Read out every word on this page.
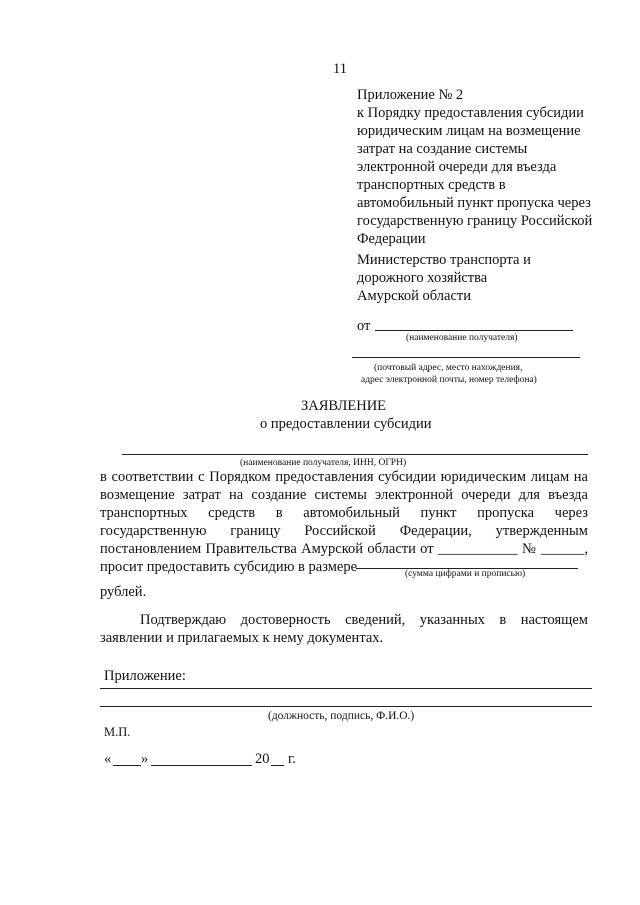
11
Приложение № 2
к Порядку предоставления субсидии
юридическим лицам на возмещение
затрат на создание системы
электронной очереди для въезда
транспортных средств в
автомобильный пункт пропуска через
государственную границу Российской
Федерации
Министерство транспорта и
дорожного хозяйства
Амурской области
от
(наименование получателя)
(почтовый адрес, место нахождения,
адрес электронной почты, номер телефона)
ЗАЯВЛЕНИЕ
о предоставлении субсидии
(наименование получателя, ИНН, ОГРН)
в соответствии с Порядком предоставления субсидии юридическим лицам на
возмещение затрат на создание системы электронной очереди для въезда
транспортных средств в автомобильный пункт пропуска через
государственную границу Российской Федерации, утвержденным
постановлением Правительства Амурской области от ___________ № ______,
просит предоставить субсидию в размере	(сумма цифрами и прописью)
рублей.
Подтверждаю достоверность сведений, указанных в настоящем
заявлении и прилагаемых к нему документах.
Приложение:
(должность, подпись, Ф.И.О.)
М.П.
« »	20 г.
